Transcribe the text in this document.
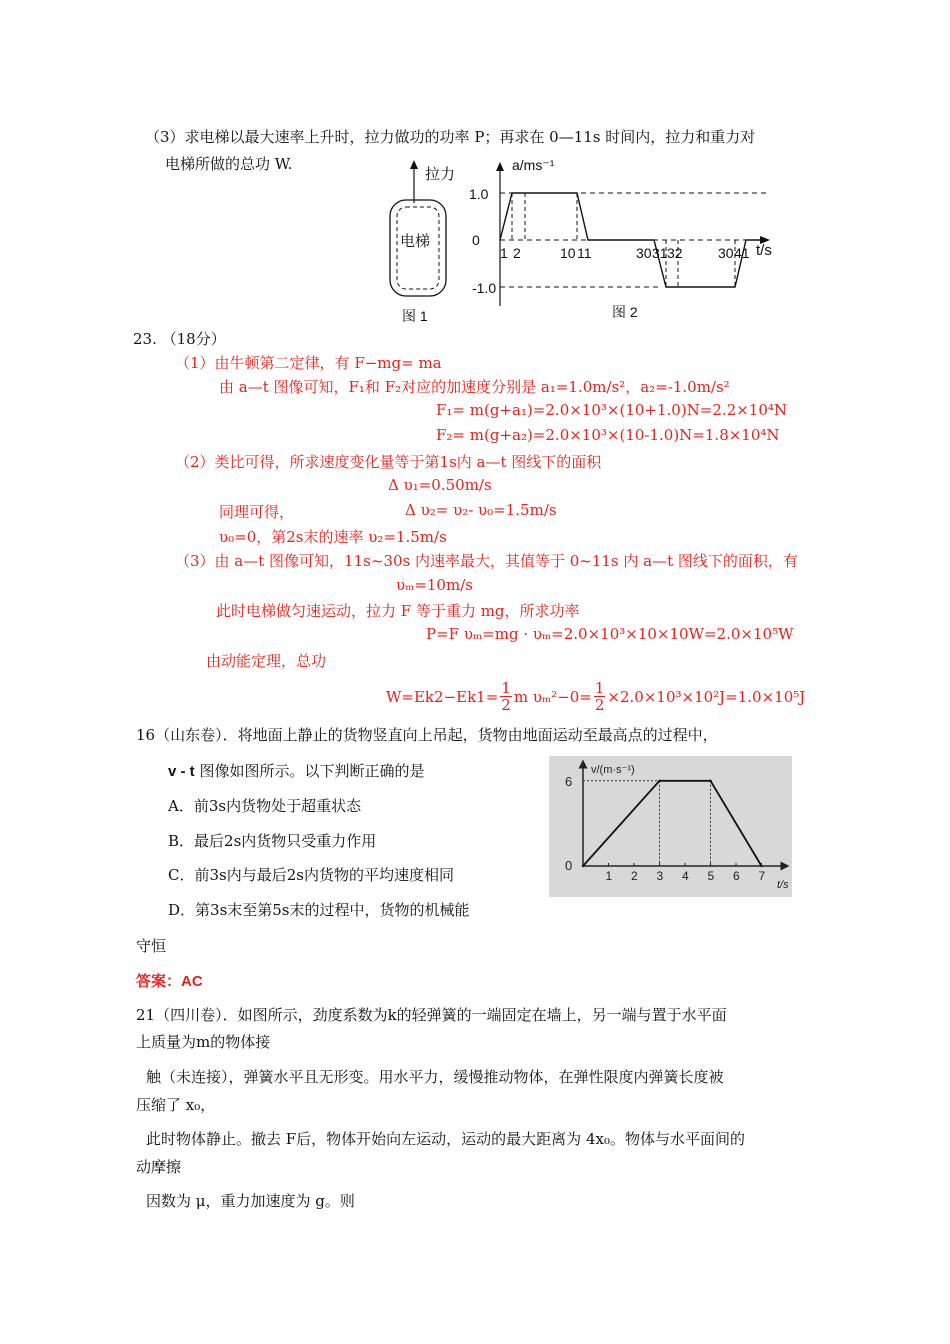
（3）求电梯以最大速率上升时，拉力做功的功率 P；再求在 0—11s 时间内，拉力和重力对
电梯所做的总功 W.
拉力
电梯
图 1
a/ms⁻¹
t/s
1.0
0
-1.0
1 2	10 11	30 31 32	30 41
图 2
23. （18分）
（1）由牛顿第二定律，有 F−mg= ma
由 a—t 图像可知，F₁和 F₂对应的加速度分别是 a₁=1.0m/s²，a₂=-1.0m/s²
F₁= m(g+a₁)=2.0×10³×(10+1.0)N=2.2×10⁴N
F₂= m(g+a₂)=2.0×10³×(10-1.0)N=1.8×10⁴N
（2）类比可得，所求速度变化量等于第1s内 a—t 图线下的面积
Δ υ₁=0.50m/s
同理可得，	Δ υ₂= υ₂- υ₀=1.5m/s
υ₀=0，第2s末的速率 υ₂=1.5m/s
（3）由 a—t 图像可知，11s~30s 内速率最大，其值等于 0~11s 内 a—t 图线下的面积，有
υₘ=10m/s
此时电梯做匀速运动，拉力 F 等于重力 mg，所求功率
P=F υₘ=mg · υₘ=2.0×10³×10×10W=2.0×10⁵W
由动能定理，总功
$W=Ek2-Ek1= \frac{1}{2}$ m $\upsilon_m^2-0= \frac{1}{2} \times 2.0\times 10^3\times 10^2J=1.0\times 10^5J$
16（山东卷）．将地面上静止的货物竖直向上吊起，货物由地面运动至最高点的过程中，
v - t 图像如图所示。以下判断正确的是
A．前3s内货物处于超重状态
B．最后2s内货物只受重力作用
C．前3s内与最后2s内货物的平均速度相同
D．第3s末至第5s末的过程中，货物的机械能
守恒
答案：AC
1 2 3 4 5 6 7
6
0
v/(m·s⁻¹)
t/s
21（四川卷）．如图所示，劲度系数为k的轻弹簧的一端固定在墙上，另一端与置于水平面
上质量为m的物体接
触（未连接），弹簧水平且无形变。用水平力，缓慢推动物体，在弹性限度内弹簧长度被
压缩了 x₀，
此时物体静止。撤去 F后，物体开始向左运动，运动的最大距离为 4x₀。物体与水平面间的
动摩擦
因数为 μ，重力加速度为 g。则
